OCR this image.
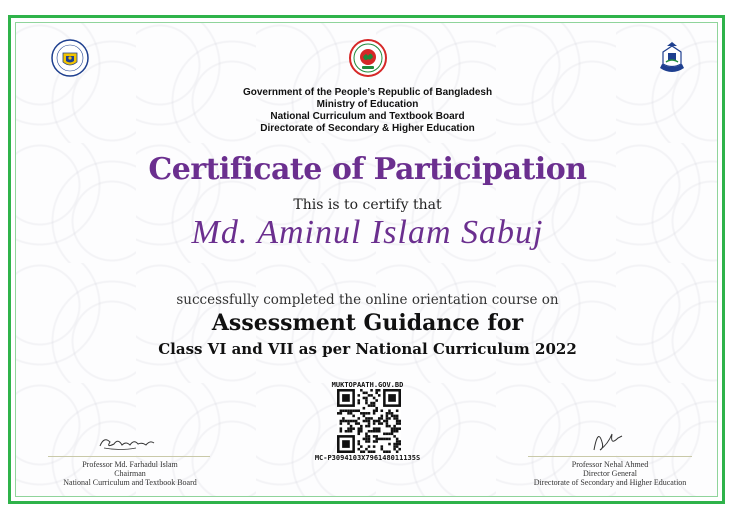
Government of the People’s Republic of Bangladesh
Ministry of Education
National Curriculum and Textbook Board
Directorate of Secondary & Higher Education
Certificate of Participation
This is to certify that
Md. Aminul Islam Sabuj
successfully completed the online orientation course on
Assessment Guidance for
Class VI and VII as per National Curriculum 2022
MUKTOPAATH.GOV.BD
MC-P3094103X796148011135S
Professor Md. Farhadul Islam
Chairman
National Curriculum and Textbook Board
Professor Nehal Ahmed
Director General
Directorate of Secondary and Higher Education
